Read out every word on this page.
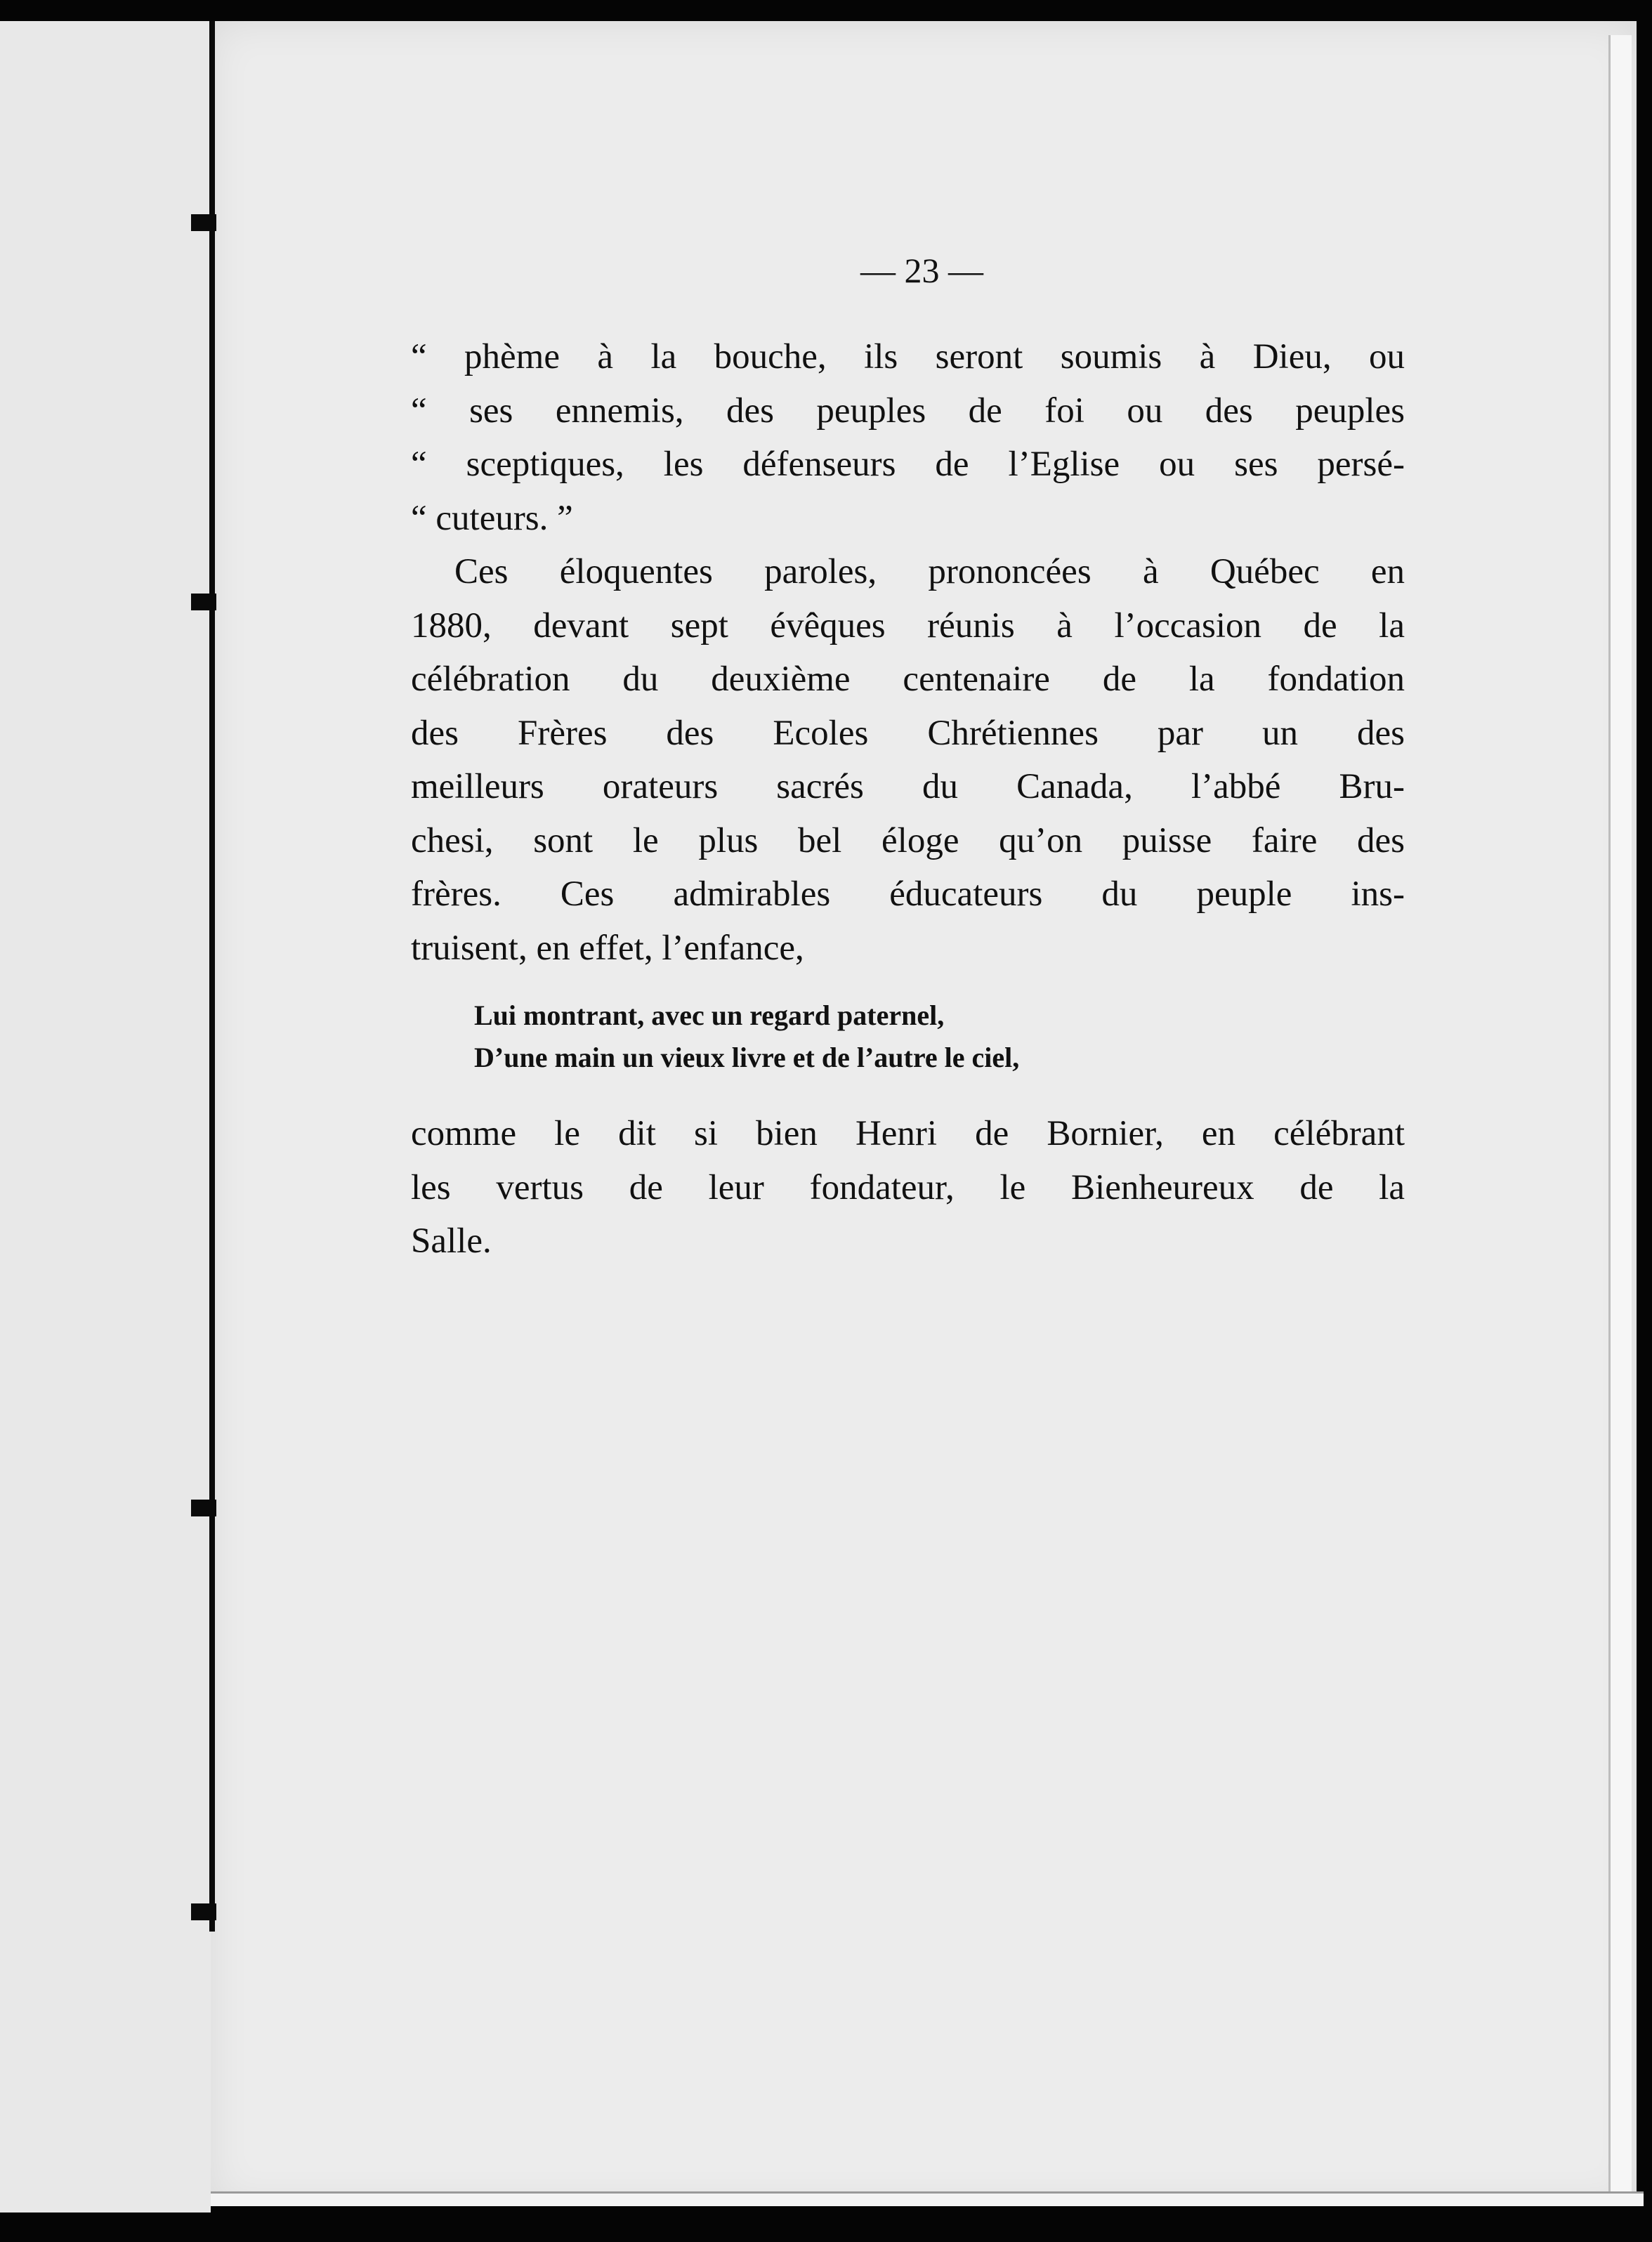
— 23 —

“ phème à la bouche, ils seront soumis à Dieu, ou
“ ses ennemis, des peuples de foi ou des peuples
“ sceptiques, les défenseurs de l’Eglise ou ses persé-
“ cuteurs. ”

Ces éloquentes paroles, prononcées à Québec en
1880, devant sept évêques réunis à l’occasion de la
célébration du deuxième centenaire de la fondation
des Frères des Ecoles Chrétiennes par un des
meilleurs orateurs sacrés du Canada, l’abbé Bru-
chesi, sont le plus bel éloge qu’on puisse faire des
frères. Ces admirables éducateurs du peuple ins-
truisent, en effet, l’enfance,

Lui montrant, avec un regard paternel,
D’une main un vieux livre et de l’autre le ciel,

comme le dit si bien Henri de Bornier, en célébrant
les vertus de leur fondateur, le Bienheureux de la
Salle.
